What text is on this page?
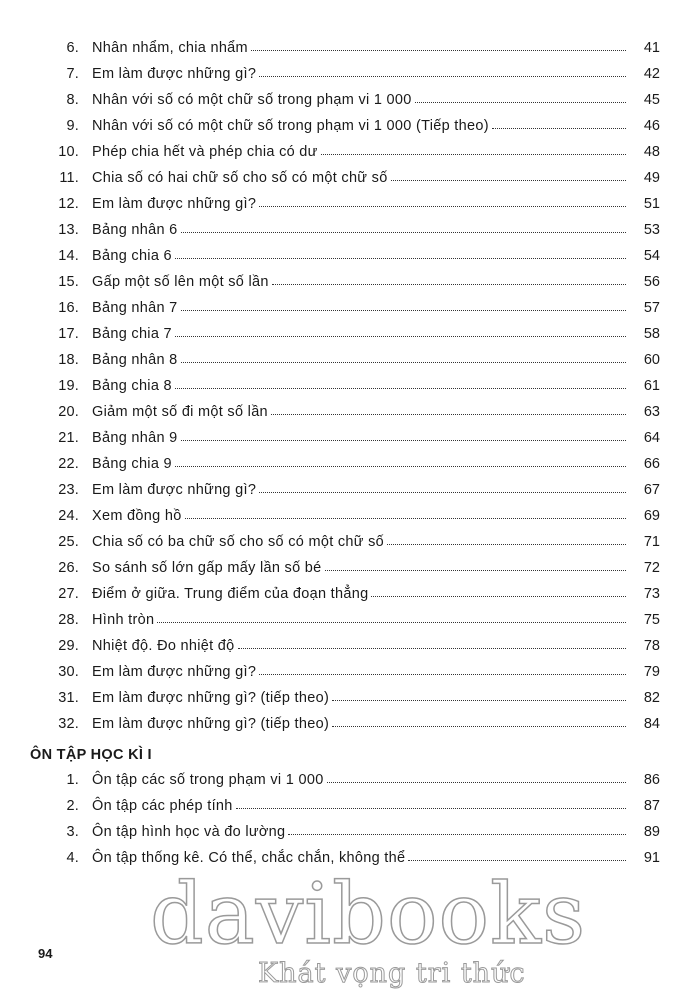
6. Nhân nhẩm, chia nhẩm	41
7. Em làm được những gì?	42
8. Nhân với số có một chữ số trong phạm vi 1 000	45
9. Nhân với số có một chữ số trong phạm vi 1 000 (Tiếp theo)	46
10. Phép chia hết và phép chia có dư	48
11. Chia số có hai chữ số cho số có một chữ số	49
12. Em làm được những gì?	51
13. Bảng nhân 6	53
14. Bảng chia 6	54
15. Gấp một số lên một số lần	56
16. Bảng nhân 7	57
17. Bảng chia 7	58
18. Bảng nhân 8	60
19. Bảng chia 8	61
20. Giảm một số đi một số lần	63
21. Bảng nhân 9	64
22. Bảng chia 9	66
23. Em làm được những gì?	67
24. Xem đồng hồ	69
25. Chia số có ba chữ số cho số có một chữ số	71
26. So sánh số lớn gấp mấy lần số bé	72
27. Điểm ở giữa. Trung điểm của đoạn thẳng	73
28. Hình tròn	75
29. Nhiệt độ. Đo nhiệt độ	78
30. Em làm được những gì?	79
31. Em làm được những gì? (tiếp theo)	82
32. Em làm được những gì? (tiếp theo)	84
ÔN TẬP HỌC KÌ I
1. Ôn tập các số trong phạm vi 1 000	86
2. Ôn tập các phép tính	87
3. Ôn tập hình học và đo lường	89
4. Ôn tập thống kê. Có thể, chắc chắn, không thể	91
94 davibooks
Khát vọng tri thức
